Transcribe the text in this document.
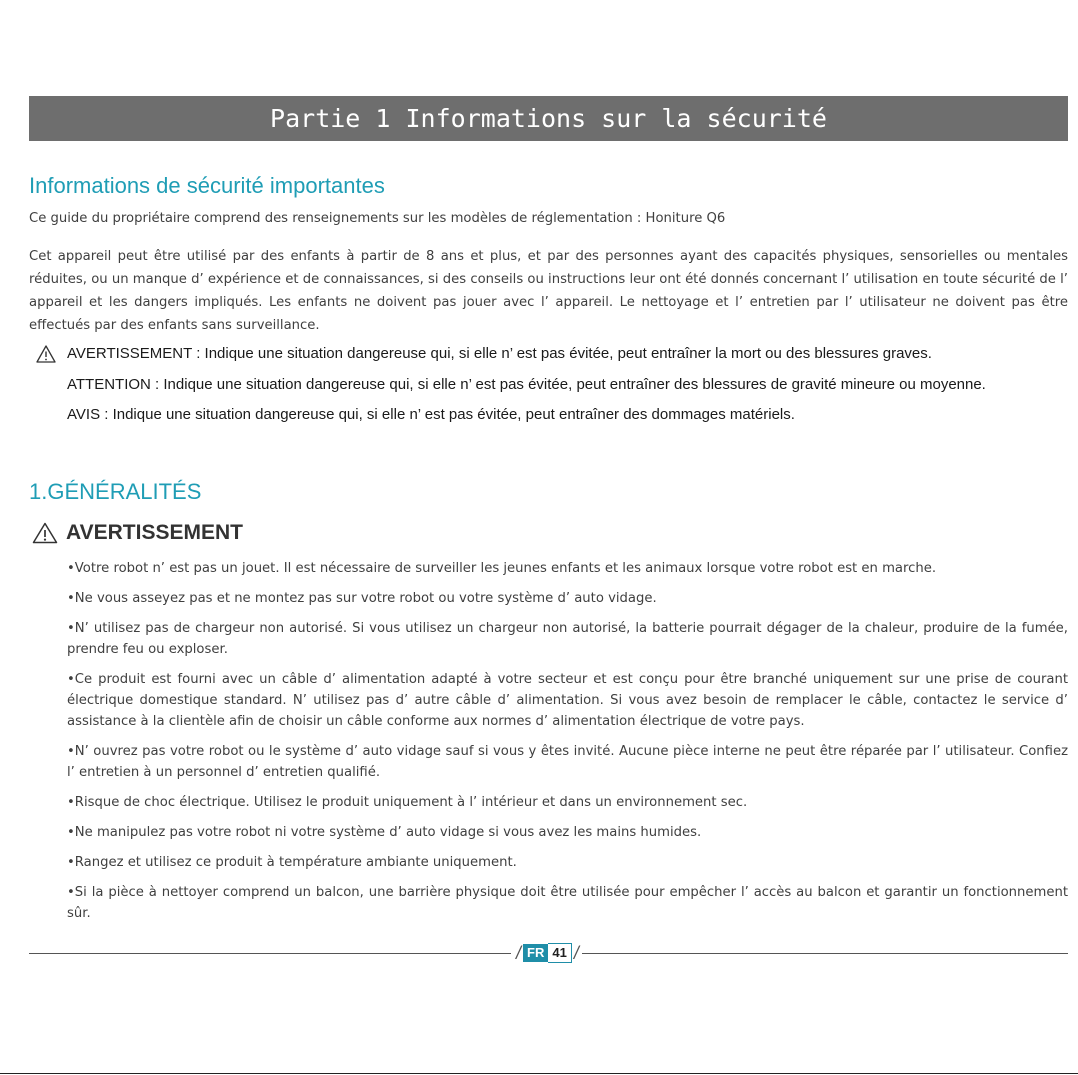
Partie 1 Informations sur la sécurité
Informations de sécurité importantes
Ce guide du propriétaire comprend des renseignements sur les modèles de réglementation : Honiture Q6
Cet appareil peut être utilisé par des enfants à partir de 8 ans et plus, et par des personnes ayant des capacités physiques, sensorielles ou mentales réduites, ou un manque d’ expérience et de connaissances, si des conseils ou instructions leur ont été donnés concernant l’ utilisation en toute sécurité de l’ appareil et les dangers impliqués. Les enfants ne doivent pas jouer avec l’ appareil. Le nettoyage et l’ entretien par l’ utilisateur ne doivent pas être effectués par des enfants sans surveillance.
AVERTISSEMENT : Indique une situation dangereuse qui, si elle n’ est pas évitée, peut entraîner la mort ou des blessures graves.
ATTENTION : Indique une situation dangereuse qui, si elle n’ est pas évitée, peut entraîner des blessures de gravité mineure ou moyenne.
AVIS : Indique une situation dangereuse qui, si elle n’ est pas évitée, peut entraîner des dommages matériels.
1.GÉNÉRALITÉS
AVERTISSEMENT
•Votre robot n’ est pas un jouet. Il est nécessaire de surveiller les jeunes enfants et les animaux lorsque votre robot est en marche.
•Ne vous asseyez pas et ne montez pas sur votre robot ou votre système d’ auto vidage.
•N’ utilisez pas de chargeur non autorisé. Si vous utilisez un chargeur non autorisé, la batterie pourrait dégager de la chaleur, produire de la fumée, prendre feu ou exploser.
•Ce produit est fourni avec un câble d’ alimentation adapté à votre secteur et est conçu pour être branché uniquement sur une prise de courant électrique domestique standard. N’ utilisez pas d’ autre câble d’ alimentation. Si vous avez besoin de remplacer le câble, contactez le service d’ assistance à la clientèle afin de choisir un câble conforme aux normes d’ alimentation électrique de votre pays.
•N’ ouvrez pas votre robot ou le système d’ auto vidage sauf si vous y êtes invité. Aucune pièce interne ne peut être réparée par l’ utilisateur. Confiez l’ entretien à un personnel d’ entretien qualifié.
•Risque de choc électrique. Utilisez le produit uniquement à l’ intérieur et dans un environnement sec.
•Ne manipulez pas votre robot ni votre système d’ auto vidage si vous avez les mains humides.
•Rangez et utilisez ce produit à température ambiante uniquement.
•Si la pièce à nettoyer comprend un balcon, une barrière physique doit être utilisée pour empêcher l’ accès au balcon et garantir un fonctionnement sûr.
/ FR 41 /
